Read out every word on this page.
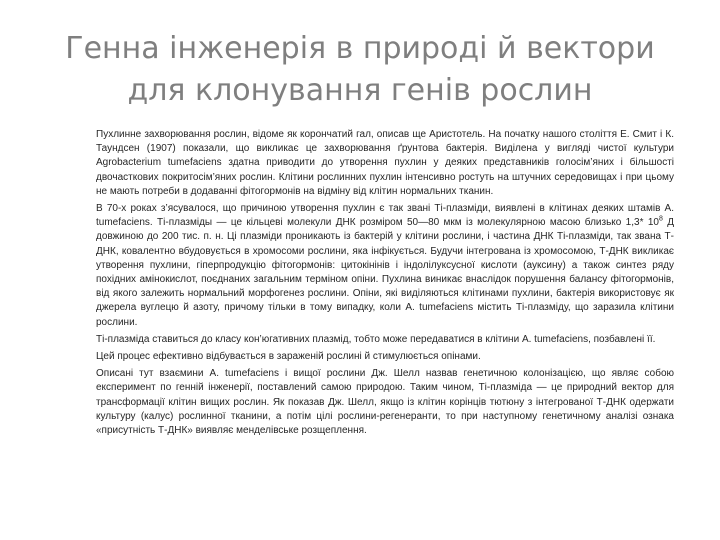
Генна інженерія в природі й вектори
для клонування генів рослин

Пухлинне захворювання рослин, відоме як корончатий гал, описав ще Аристотель. На початку нашого століття Е. Смит і К. Таундсен (1907) показали, що викликає це захворювання ґрунтова бактерія. Виділена у вигляді чистої культури Agrobacterium tumefaciens здатна приводити до утворення пухлин у деяких представників голосім’яних і більшості двочасткових покритосім’яних рослин. Клітини рослинних пухлин інтенсивно ростуть на штучних середовищах і при цьому не мають потреби в додаванні фітогормонів на відміну від клітин нормальних тканин.

В 70-х роках з’ясувалося, що причиною утворення пухлин є так звані Ті-плазміди, виявлені в клітинах деяких штамів A. tumefaciens. Ті-плазміды — це кільцеві молекули ДНК розміром 50—80 мкм із молекулярною масою близько 1,3* $10^8$ Д довжиною до 200 тис. п. н. Ці плазміди проникають із бактерій у клітини рослини, і частина ДНК Ті-плазміди, так звана Т-ДНК, ковалентно вбудовується в хромосоми рослини, яка інфікується. Будучи інтегрована із хромосомою, Т-ДНК викликає утворення пухлини, гіперпродукцію фітогормонів: цитокінінів і індолілуксусної кислоти (ауксину) а також синтез ряду похідних амінокислот, поєднаних загальним терміном опіни. Пухлина виникає внаслідок порушення балансу фітогормонів, від якого залежить нормальний морфогенез рослини. Опіни, які виділяються клітинами пухлини, бактерія використовує як джерела вуглецю й азоту, причому тільки в тому випадку, коли A. tumefaciens містить Ті-плазміду, що заразила клітини рослини.

Ті-плазміда ставиться до класу кон’югативних плазмід, тобто може передаватися в клітини A. tumefaciens, позбавлені її.

Цей процес ефективно відбувається в зараженій рослині й стимулюється опінами.

Описані тут взаємини A. tumefaciens і вищої рослини Дж. Шелл назвав генетичною колонізацією, що являє собою експеримент по генній інженерії, поставлений самою природою. Таким чином, Ті-плазміда — це природний вектор для трансформації клітин вищих рослин. Як показав Дж. Шелл, якщо із клітин корінців тютюну з інтегрованої Т-ДНК одержати культуру (калус) рослинної тканини, а потім цілі рослини-регенеранти, то при наступному генетичному аналізі ознака «присутність Т-ДНК» виявляє менделівське розщеплення.
